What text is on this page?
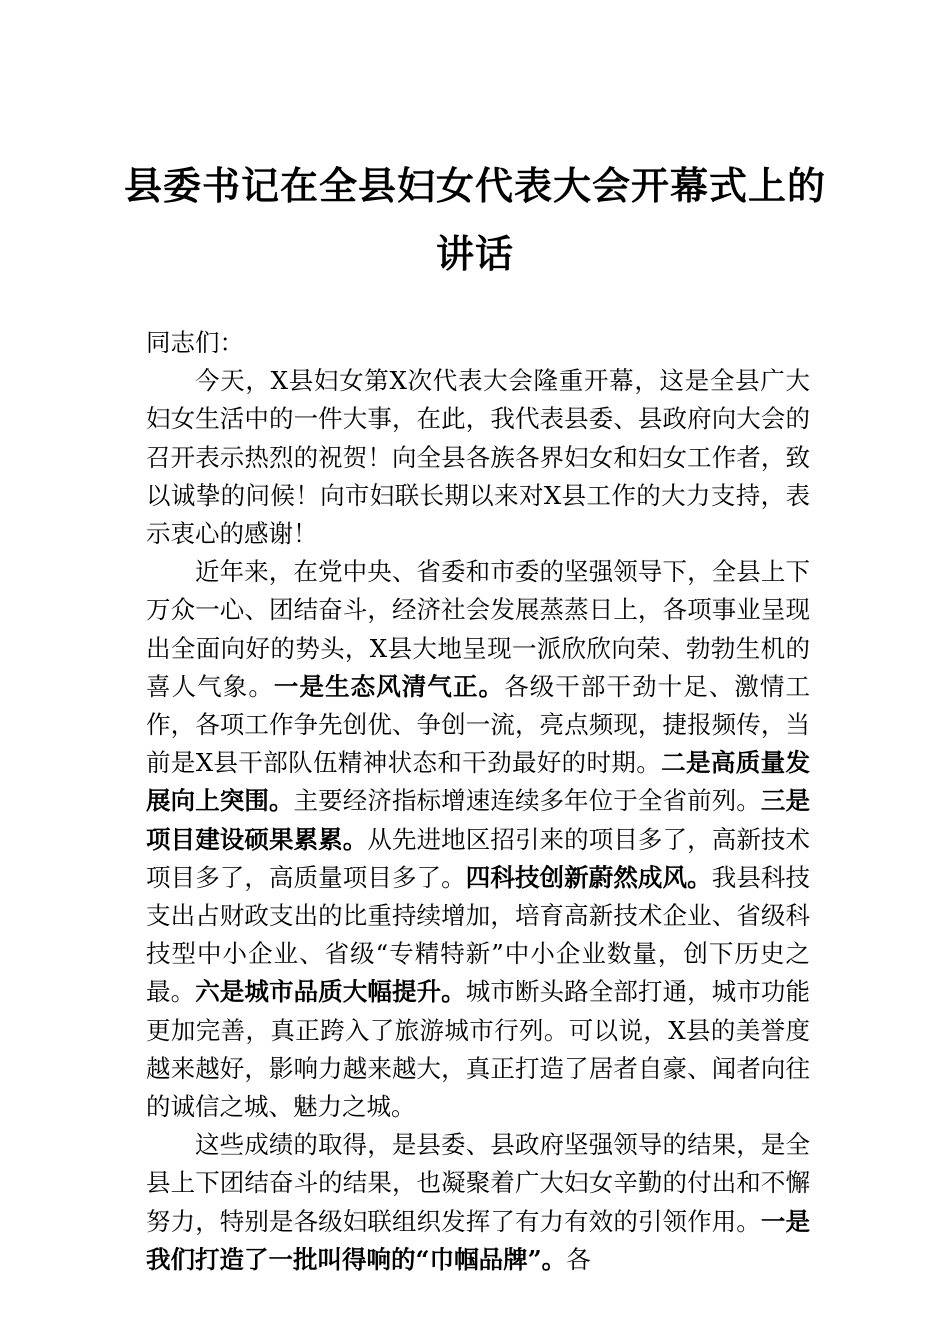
县委书记在全县妇女代表大会开幕式上的
讲话

同志们：

今天，X县妇女第X次代表大会隆重开幕，这是全县广大妇女生活中的一件大事，在此，我代表县委、县政府向大会的召开表示热烈的祝贺！向全县各族各界妇女和妇女工作者，致以诚挚的问候！向市妇联长期以来对X县工作的大力支持，表示衷心的感谢！

近年来，在党中央、省委和市委的坚强领导下，全县上下万众一心、团结奋斗，经济社会发展蒸蒸日上，各项事业呈现出全面向好的势头，X县大地呈现一派欣欣向荣、勃勃生机的喜人气象。一是生态风清气正。各级干部干劲十足、激情工作，各项工作争先创优、争创一流，亮点频现，捷报频传，当前是X县干部队伍精神状态和干劲最好的时期。二是高质量发展向上突围。主要经济指标增速连续多年位于全省前列。三是项目建设硕果累累。从先进地区招引来的项目多了，高新技术项目多了，高质量项目多了。四科技创新蔚然成风。我县科技支出占财政支出的比重持续增加，培育高新技术企业、省级科技型中小企业、省级“专精特新”中小企业数量，创下历史之最。六是城市品质大幅提升。城市断头路全部打通，城市功能更加完善，真正跨入了旅游城市行列。可以说，X县的美誉度越来越好，影响力越来越大，真正打造了居者自豪、闻者向往的诚信之城、魅力之城。

这些成绩的取得，是县委、县政府坚强领导的结果，是全县上下团结奋斗的结果，也凝聚着广大妇女辛勤的付出和不懈努力，特别是各级妇联组织发挥了有力有效的引领作用。一是我们打造了一批叫得响的“巾帼品牌”。各
